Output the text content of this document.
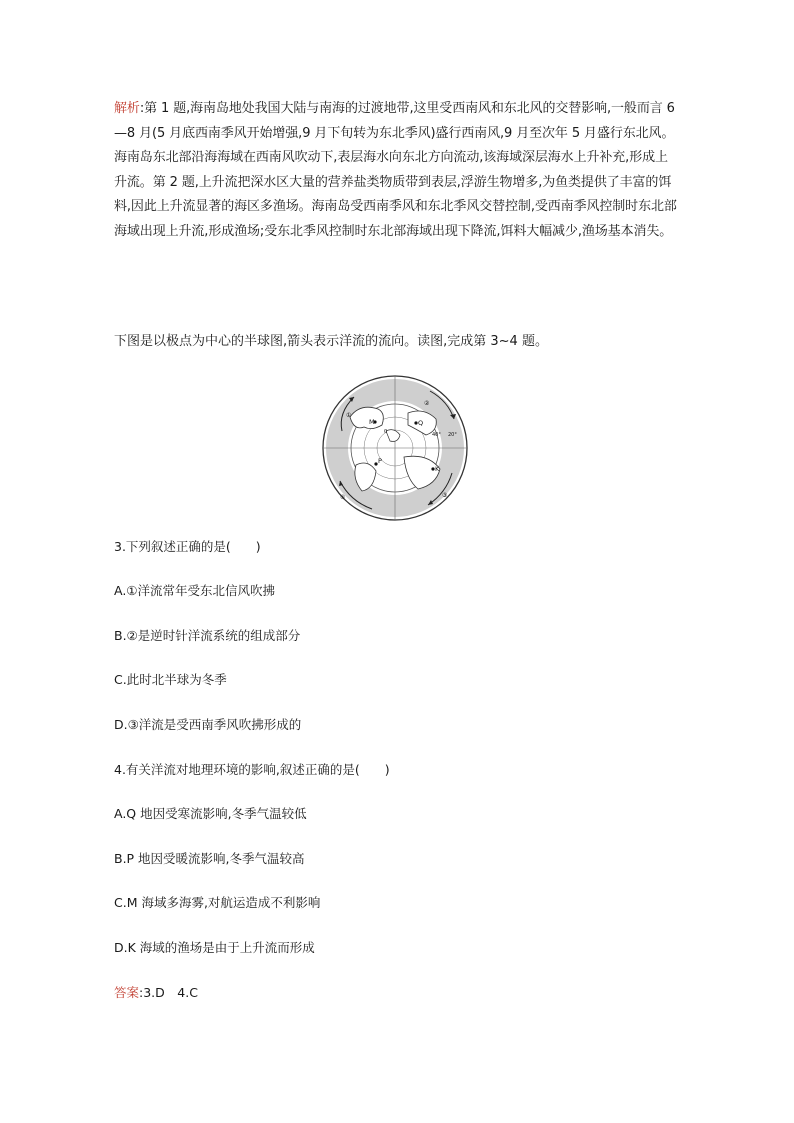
解析:第 1 题,海南岛地处我国大陆与南海的过渡地带,这里受西南风和东北风的交替影响,一般而言 6—8 月(5 月底西南季风开始增强,9 月下旬转为东北季风)盛行西南风,9 月至次年 5 月盛行东北风。海南岛东北部沿海海域在西南风吹动下,表层海水向东北方向流动,该海域深层海水上升补充,形成上升流。第 2 题,上升流把深水区大量的营养盐类物质带到表层,浮游生物增多,为鱼类提供了丰富的饵料,因此上升流显著的海区多渔场。海南岛受西南季风和东北季风交替控制,受西南季风控制时东北部海域出现上升流,形成渔场;受东北季风控制时东北部海域出现下降流,饵料大幅减少,渔场基本消失。
下图是以极点为中心的半球图,箭头表示洋流的流向。读图,完成第 3~4 题。
M	Q
P
K
②
①
③
④
40° 20°
0
3.下列叙述正确的是(　　)
A.①洋流常年受东北信风吹拂
B.②是逆时针洋流系统的组成部分
C.此时北半球为冬季
D.③洋流是受西南季风吹拂形成的
4.有关洋流对地理环境的影响,叙述正确的是(　　)
A.Q 地因受寒流影响,冬季气温较低
B.P 地因受暖流影响,冬季气温较高
C.M 海域多海雾,对航运造成不利影响
D.K 海域的渔场是由于上升流而形成
答案:3.D　4.C
